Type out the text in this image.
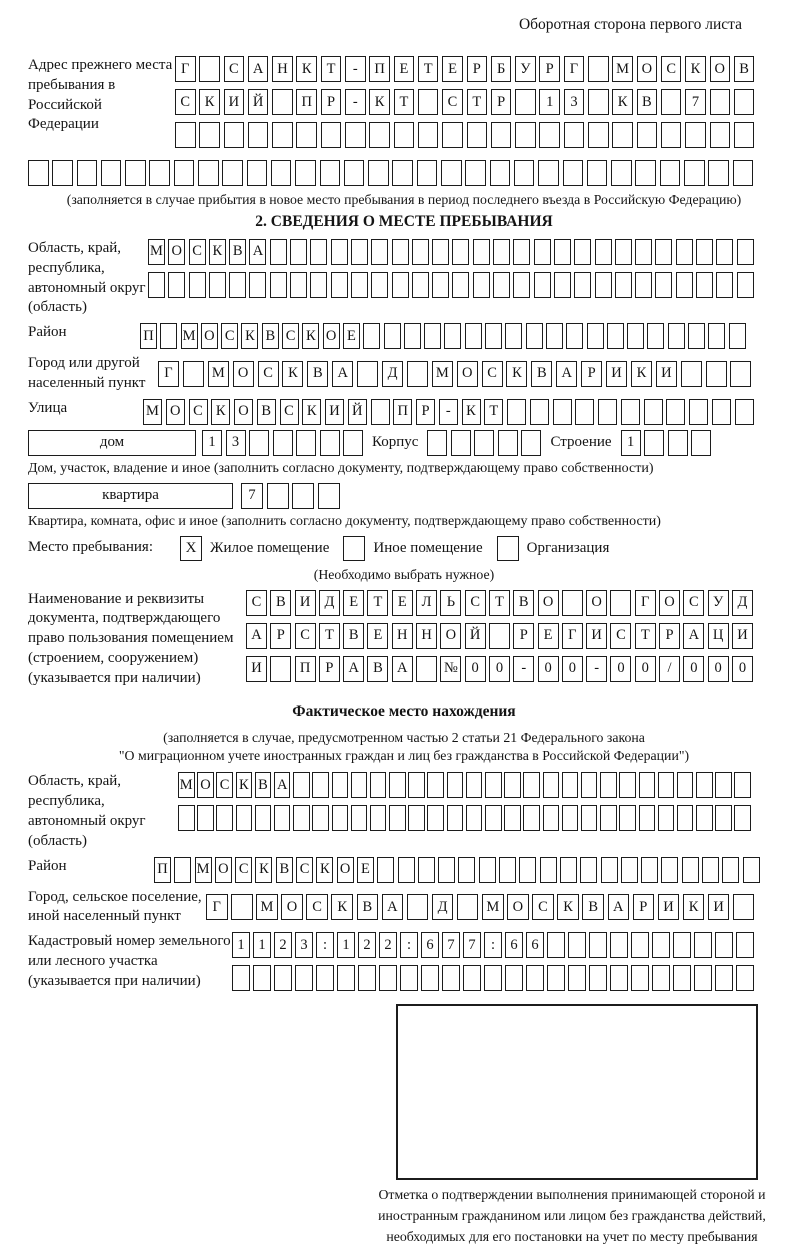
Оборотная сторона первого листа
Адрес прежнего места пребывания в Российской Федерации
Г	С А Н К	Т	-	П	Е	Т	Е	Р	Б	У	Р	Г	М О С	К О В
С	К И Й	П	Р	-	К	Т	С	Т	Р	1	3	К	В	7
(заполняется в случае прибытия в новое место пребывания в период последнего въезда в Российскую Федерацию)
2. СВЕДЕНИЯ О МЕСТЕ ПРЕБЫВАНИЯ
Область, край, республика, автономный округ (область)
М О С К В А
Район	П М О С К В С К О Е
Город или другой населенный пункт
Г	М О	С	К	В	А	Д	М О	С	К	В	А	Р	И	К	И
Улица	М О С К О В С К И Й П Р	-	К Т
дом	1	3	Корпус	Строение	1
Дом, участок, владение и иное (заполнить согласно документу, подтверждающему право собственности)
квартира	7
Квартира, комната, офис и иное (заполнить согласно документу, подтверждающему право собственности)
Место пребывания:	X Жилое помещение	Иное помещение	Организация
(Необходимо выбрать нужное)
Наименование и реквизиты документа, подтверждающего право пользования помещением (строением, сооружением) (указывается при наличии)
С	В И Д	Е	Т	Е	Л	Ь	С	Т	В О	О	Г	О С У Д
А	Р	С	Т	В	Е	Н Н О Й	Р	Е	Г	И С	Т	Р	А Ц И
И	П	Р	А В А	№ 0	0	-	0	0	-	0	0	/	0	0	0
Фактическое место нахождения
(заполняется в случае, предусмотренном частью 2 статьи 21 Федерального закона
"О миграционном учете иностранных граждан и лиц без гражданства в Российской Федерации")
Область, край, республика, автономный округ (область)
М О С К В А
Район	П М О С К В С К О Е
Город, сельское поселение, иной населенный пункт
Г	М О	С	К	В	А	Д	М О	С	К	В	А	Р	И	К	И
Кадастровый номер земельного или лесного участка (указывается при наличии)
1 1 2 3	:	1 2 2	:	6 7 7	:	6 6
Отметка о подтверждении выполнения принимающей стороной и иностранным гражданином или лицом без гражданства действий, необходимых для его постановки на учет по месту пребывания
